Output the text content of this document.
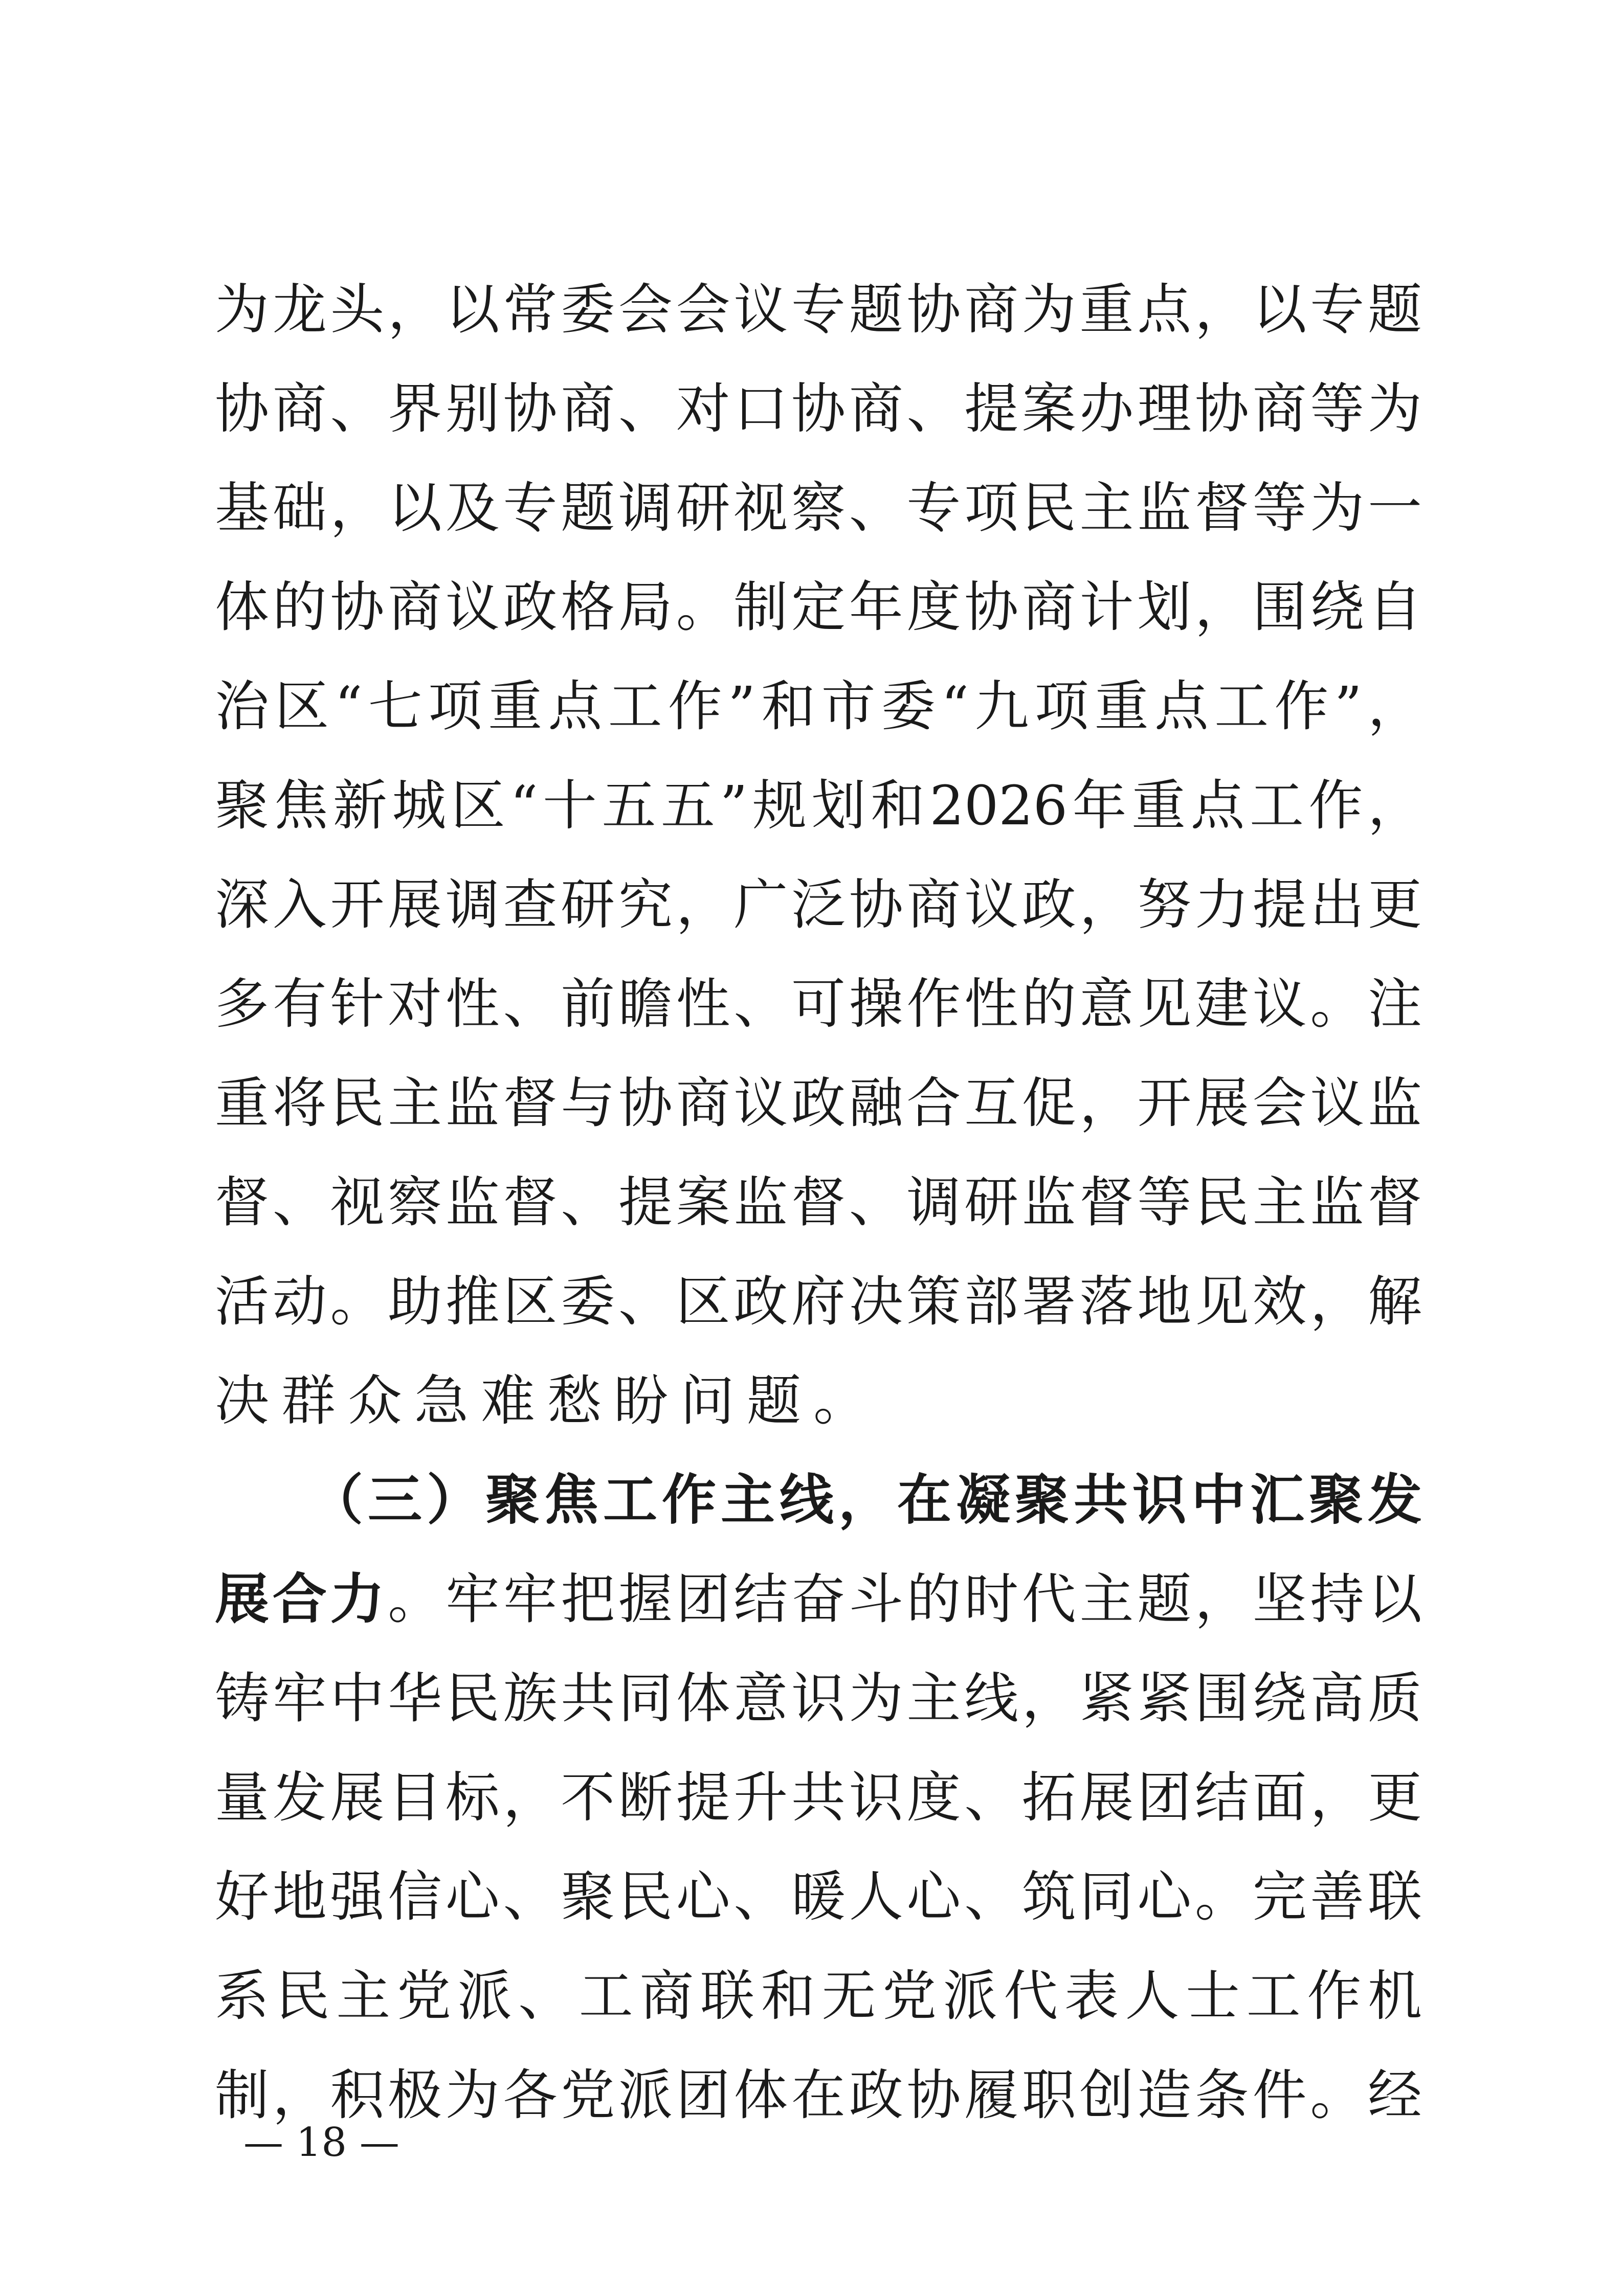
为龙头，以常委会会议专题协商为重点，以专题
协商、界别协商、对口协商、提案办理协商等为
基础，以及专题调研视察、专项民主监督等为一
体的协商议政格局。制定年度协商计划，围绕自
治区“七项重点工作”和市委“九项重点工作”，
聚焦新城区“十五五”规划和2026年重点工作，
深入开展调查研究，广泛协商议政，努力提出更
多有针对性、前瞻性、可操作性的意见建议。注
重将民主监督与协商议政融合互促，开展会议监
督、视察监督、提案监督、调研监督等民主监督
活动。助推区委、区政府决策部署落地见效，解
决群众急难愁盼问题。
（三）聚焦工作主线，在凝聚共识中汇聚发
展合力。牢牢把握团结奋斗的时代主题，坚持以
铸牢中华民族共同体意识为主线，紧紧围绕高质
量发展目标，不断提升共识度、拓展团结面，更
好地强信心、聚民心、暖人心、筑同心。完善联
系民主党派、工商联和无党派代表人士工作机
制，积极为各党派团体在政协履职创造条件。经
— 18 —
